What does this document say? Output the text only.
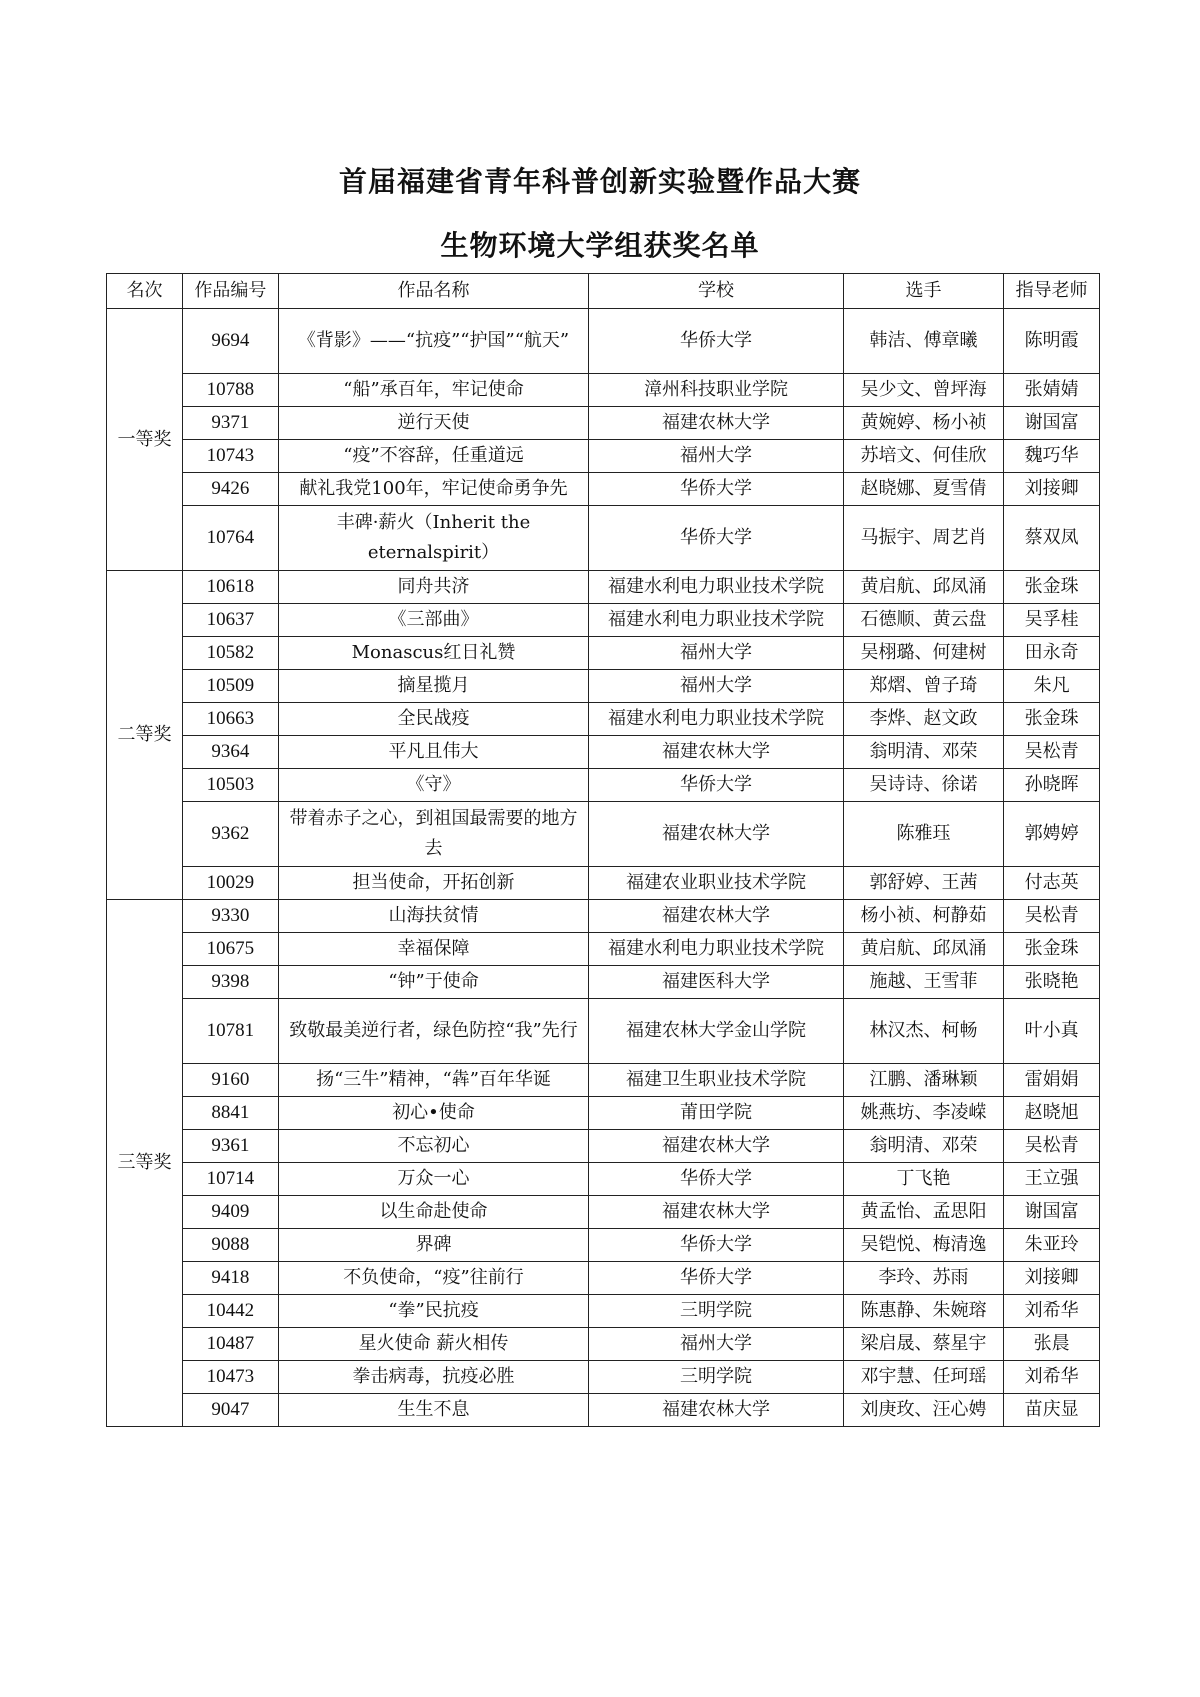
首届福建省青年科普创新实验暨作品大赛
生物环境大学组获奖名单
名次	作品编号	作品名称	学校	选手	指导老师
一等奖	9694	《背影》——“抗疫”“护国”“航天”	华侨大学	韩洁、傅章曦	陈明霞
	10788	“船”承百年，牢记使命	漳州科技职业学院	吴少文、曾坪海	张婧婧
	9371	逆行天使	福建农林大学	黄婉婷、杨小祯	谢国富
	10743	“疫”不容辞，任重道远	福州大学	苏培文、何佳欣	魏巧华
	9426	献礼我党100年，牢记使命勇争先	华侨大学	赵晓娜、夏雪倩	刘接卿
	10764	丰碑·薪火（Inherit the eternalspirit）	华侨大学	马振宇、周艺肖	蔡双凤
二等奖	10618	同舟共济	福建水利电力职业技术学院	黄启航、邱凤涌	张金珠
	10637	《三部曲》	福建水利电力职业技术学院	石德顺、黄云盘	吴孚桂
	10582	Monascus红日礼赞	福州大学	吴栩璐、何建树	田永奇
	10509	摘星揽月	福州大学	郑熠、曾子琦	朱凡
	10663	全民战疫	福建水利电力职业技术学院	李烨、赵文政	张金珠
	9364	平凡且伟大	福建农林大学	翁明清、邓荣	吴松青
	10503	《守》	华侨大学	吴诗诗、徐诺	孙晓晖
	9362	带着赤子之心，到祖国最需要的地方去	福建农林大学	陈雅珏	郭娉婷
	10029	担当使命，开拓创新	福建农业职业技术学院	郭舒婷、王茜	付志英
三等奖	9330	山海扶贫情	福建农林大学	杨小祯、柯静茹	吴松青
	10675	幸福保障	福建水利电力职业技术学院	黄启航、邱凤涌	张金珠
	9398	“钟”于使命	福建医科大学	施越、王雪菲	张晓艳
	10781	致敬最美逆行者，绿色防控“我”先行	福建农林大学金山学院	林汉杰、柯畅	叶小真
	9160	扬“三牛”精神，“犇”百年华诞	福建卫生职业技术学院	江鹏、潘琳颖	雷娟娟
	8841	初心•使命	莆田学院	姚燕坊、李凌嵘	赵晓旭
	9361	不忘初心	福建农林大学	翁明清、邓荣	吴松青
	10714	万众一心	华侨大学	丁飞艳	王立强
	9409	以生命赴使命	福建农林大学	黄孟怡、孟思阳	谢国富
	9088	界碑	华侨大学	吴铠悦、梅清逸	朱亚玲
	9418	不负使命，“疫”往前行	华侨大学	李玲、苏雨	刘接卿
	10442	“拳”民抗疫	三明学院	陈惠静、朱婉瑢	刘希华
	10487	星火使命 薪火相传	福州大学	梁启晟、蔡星宇	张晨
	10473	拳击病毒，抗疫必胜	三明学院	邓宇慧、任珂瑶	刘希华
	9047	生生不息	福建农林大学	刘庚玫、汪心娉	苗庆显
